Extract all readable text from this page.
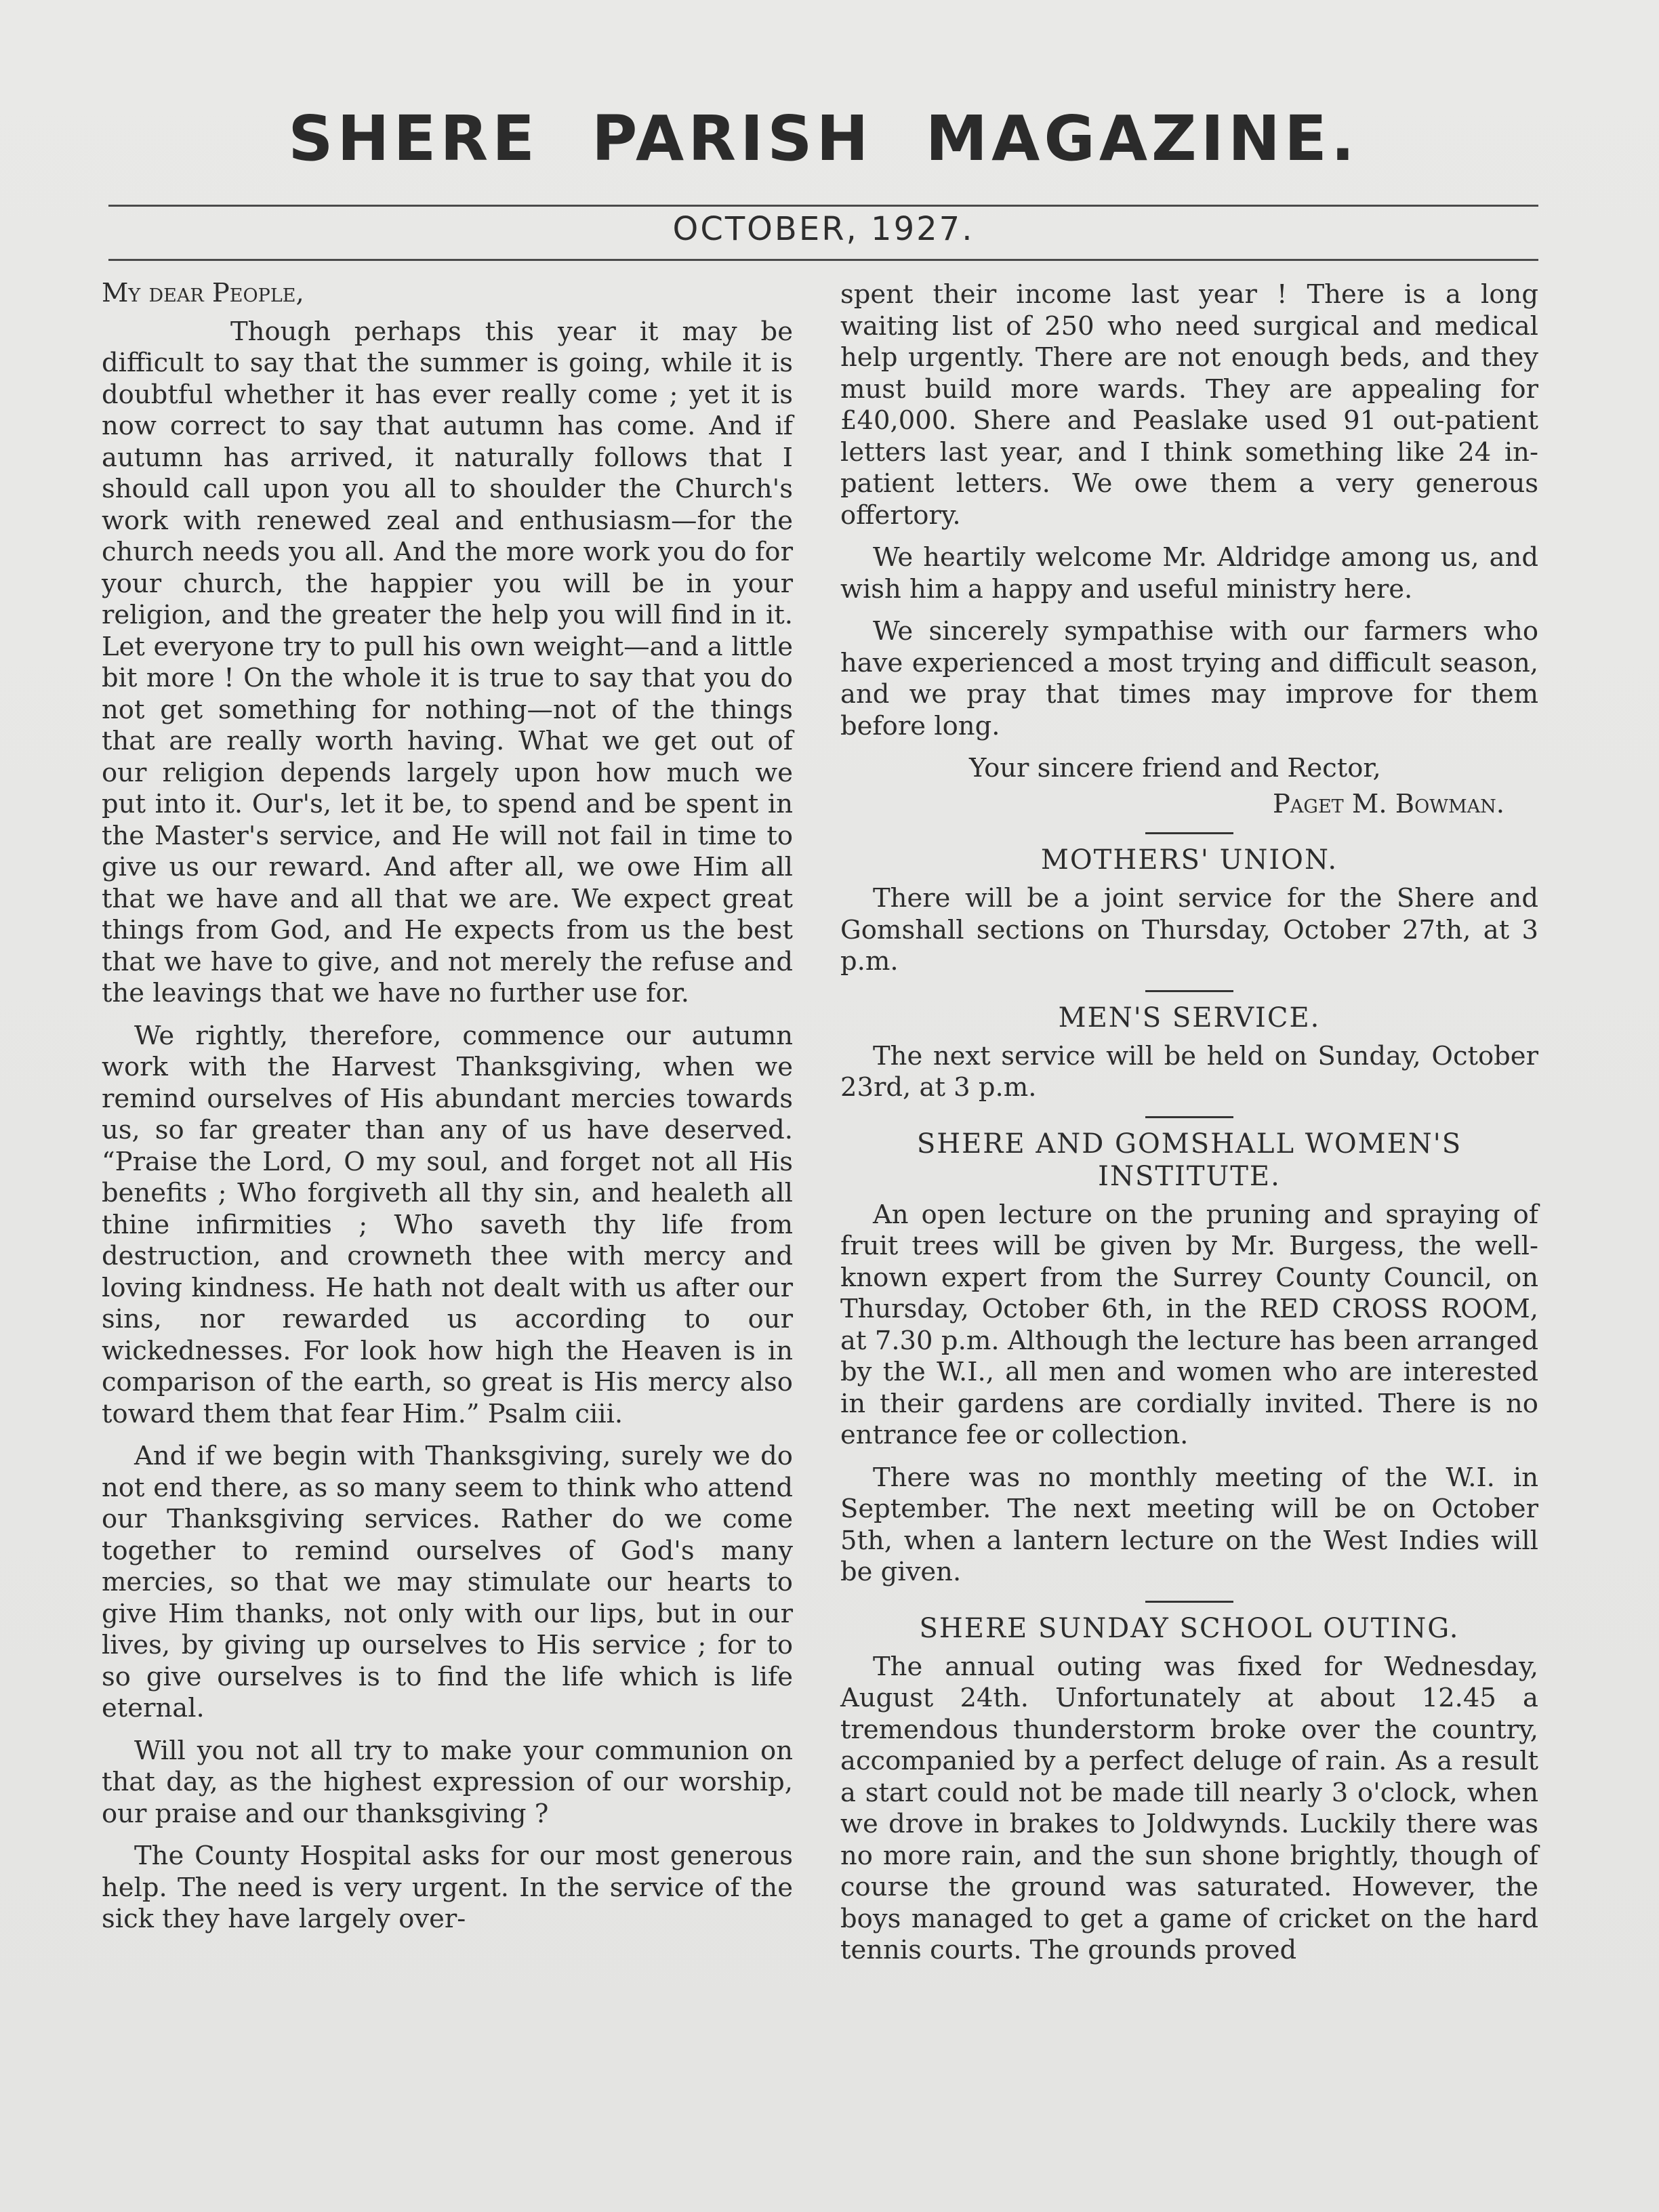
SHERE PARISH MAGAZINE.
OCTOBER, 1927.

My dear People,

Though perhaps this year it may be difficult to say that the summer is going, while it is doubtful whether it has ever really come ; yet it is now correct to say that autumn has come. And if autumn has arrived, it naturally follows that I should call upon you all to shoulder the Church's work with renewed zeal and enthusiasm—for the church needs you all. And the more work you do for your church, the happier you will be in your religion, and the greater the help you will find in it. Let everyone try to pull his own weight—and a little bit more ! On the whole it is true to say that you do not get something for nothing—not of the things that are really worth having. What we get out of our religion depends largely upon how much we put into it. Our's, let it be, to spend and be spent in the Master's service, and He will not fail in time to give us our reward. And after all, we owe Him all that we have and all that we are. We expect great things from God, and He expects from us the best that we have to give, and not merely the refuse and the leavings that we have no further use for.

We rightly, therefore, commence our autumn work with the Harvest Thanksgiving, when we remind ourselves of His abundant mercies towards us, so far greater than any of us have deserved. “Praise the Lord, O my soul, and forget not all His benefits ; Who forgiveth all thy sin, and healeth all thine infirmities ; Who saveth thy life from destruction, and crowneth thee with mercy and loving kindness. He hath not dealt with us after our sins, nor rewarded us according to our wickednesses. For look how high the Heaven is in comparison of the earth, so great is His mercy also toward them that fear Him.” Psalm ciii.

And if we begin with Thanksgiving, surely we do not end there, as so many seem to think who attend our Thanksgiving services. Rather do we come together to remind ourselves of God's many mercies, so that we may stimulate our hearts to give Him thanks, not only with our lips, but in our lives, by giving up ourselves to His service ; for to so give ourselves is to find the life which is life eternal.

Will you not all try to make your communion on that day, as the highest expression of our worship, our praise and our thanksgiving ?

The County Hospital asks for our most generous help. The need is very urgent. In the service of the sick they have largely over-

spent their income last year ! There is a long waiting list of 250 who need surgical and medical help urgently. There are not enough beds, and they must build more wards. They are appealing for £40,000. Shere and Peaslake used 91 out-patient letters last year, and I think something like 24 in-patient letters. We owe them a very generous offertory.

We heartily welcome Mr. Aldridge among us, and wish him a happy and useful ministry here.

We sincerely sympathise with our farmers who have experienced a most trying and difficult season, and we pray that times may improve for them before long.

Your sincere friend and Rector,

Paget M. Bowman.

MOTHERS' UNION.

There will be a joint service for the Shere and Gomshall sections on Thursday, October 27th, at 3 p.m.

MEN'S SERVICE.

The next service will be held on Sunday, October 23rd, at 3 p.m.

SHERE AND GOMSHALL WOMEN'S INSTITUTE.

An open lecture on the pruning and spraying of fruit trees will be given by Mr. Burgess, the well-known expert from the Surrey County Council, on Thursday, October 6th, in the RED CROSS ROOM, at 7.30 p.m. Although the lecture has been arranged by the W.I., all men and women who are interested in their gardens are cordially invited. There is no entrance fee or collection.

There was no monthly meeting of the W.I. in September. The next meeting will be on October 5th, when a lantern lecture on the West Indies will be given.

SHERE SUNDAY SCHOOL OUTING.

The annual outing was fixed for Wednesday, August 24th. Unfortunately at about 12.45 a tremendous thunderstorm broke over the country, accompanied by a perfect deluge of rain. As a result a start could not be made till nearly 3 o'clock, when we drove in brakes to Joldwynds. Luckily there was no more rain, and the sun shone brightly, though of course the ground was saturated. However, the boys managed to get a game of cricket on the hard tennis courts. The grounds proved
